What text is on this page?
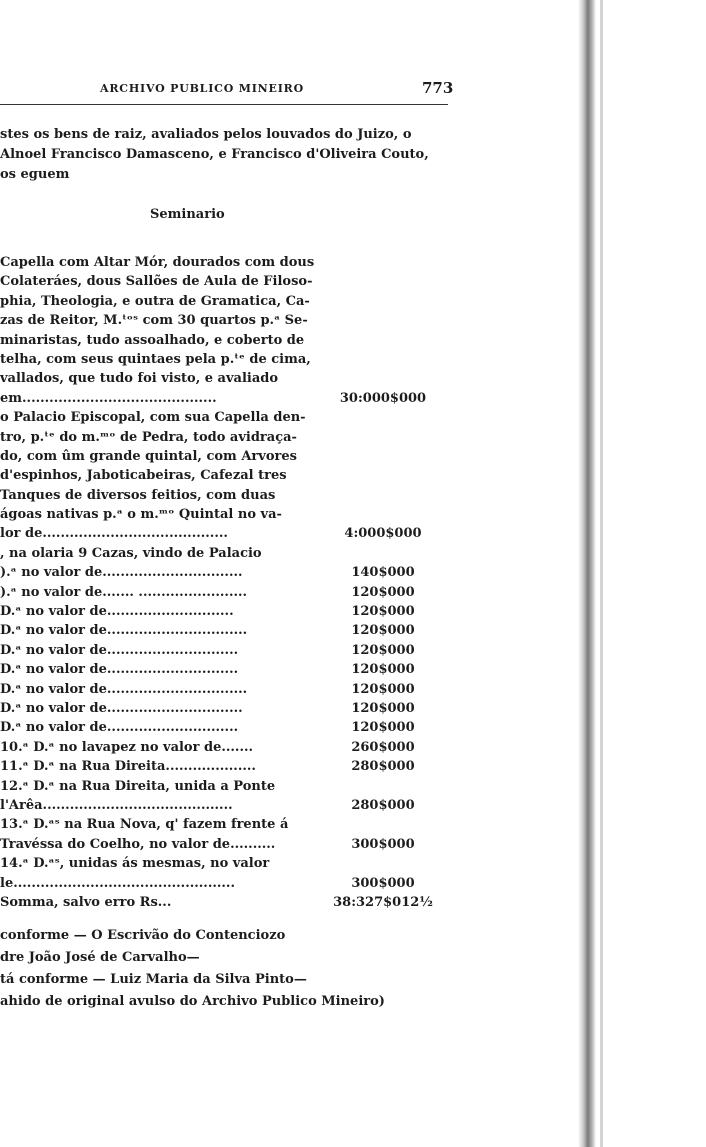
ARCHIVO PUBLICO MINEIRO	773
stes os bens de raiz, avaliados pelos louvados do Juizo, o Alnoel Francisco Damasceno, e Francisco d'Oliveira Couto, os eguem
Seminario
Capella com Altar Mór, dourados com dous
Colateráes, dous Sallões de Aula de Filoso-
phia, Theologia, e outra de Gramatica, Ca-
zas de Reitor, M.ᵗᵒˢ com 30 quartos p.ᵃ Se-
minaristas, tudo assoalhado, e coberto de
telha, com seus quintaes pela p.ᵗᵉ de cima,
vallados, que tudo foi visto, e avaliado
em...........................................	30:000$000
o Palacio Episcopal, com sua Capella den-
tro, p.ᵗᵉ do m.ᵐᵒ de Pedra, todo avidraça-
do, com ûm grande quintal, com Arvores
d'espinhos, Jaboticabeiras, Cafezal tres
Tanques de diversos feitios, com duas
ágoas nativas p.ᵃ o m.ᵐᵒ Quintal no va-
lor de.........................................	4:000$000
, na olaria 9 Cazas, vindo de Palacio
).ᵃ no valor de...............................	140$000
).ᵃ no valor de....... ........................	120$000
D.ᵃ no valor de............................	120$000
D.ᵃ no valor de...............................	120$000
D.ᵃ no valor de.............................	120$000
D.ᵃ no valor de.............................	120$000
D.ᵃ no valor de...............................	120$000
D.ᵃ no valor de..............................	120$000
D.ᵃ no valor de.............................	120$000
10.ᵃ D.ᵃ no lavapez no valor de.......	260$000
11.ᵃ D.ᵃ na Rua Direita....................	280$000
12.ᵃ D.ᵃ na Rua Direita, unida a Ponte
l'Arêa..........................................	280$000
13.ᵃ D.ᵃˢ na Rua Nova, q' fazem frente á
Travéssa do Coelho, no valor de..........	300$000
14.ᵃ D.ᵃˢ, unidas ás mesmas, no valor
le.................................................	300$000
Somma, salvo erro Rs...	38:327$012½
conforme — O Escrivão do Contenciozo
dre João José de Carvalho—
tá conforme — Luiz Maria da Silva Pinto—
ahido de original avulso do Archivo Publico Mineiro)
